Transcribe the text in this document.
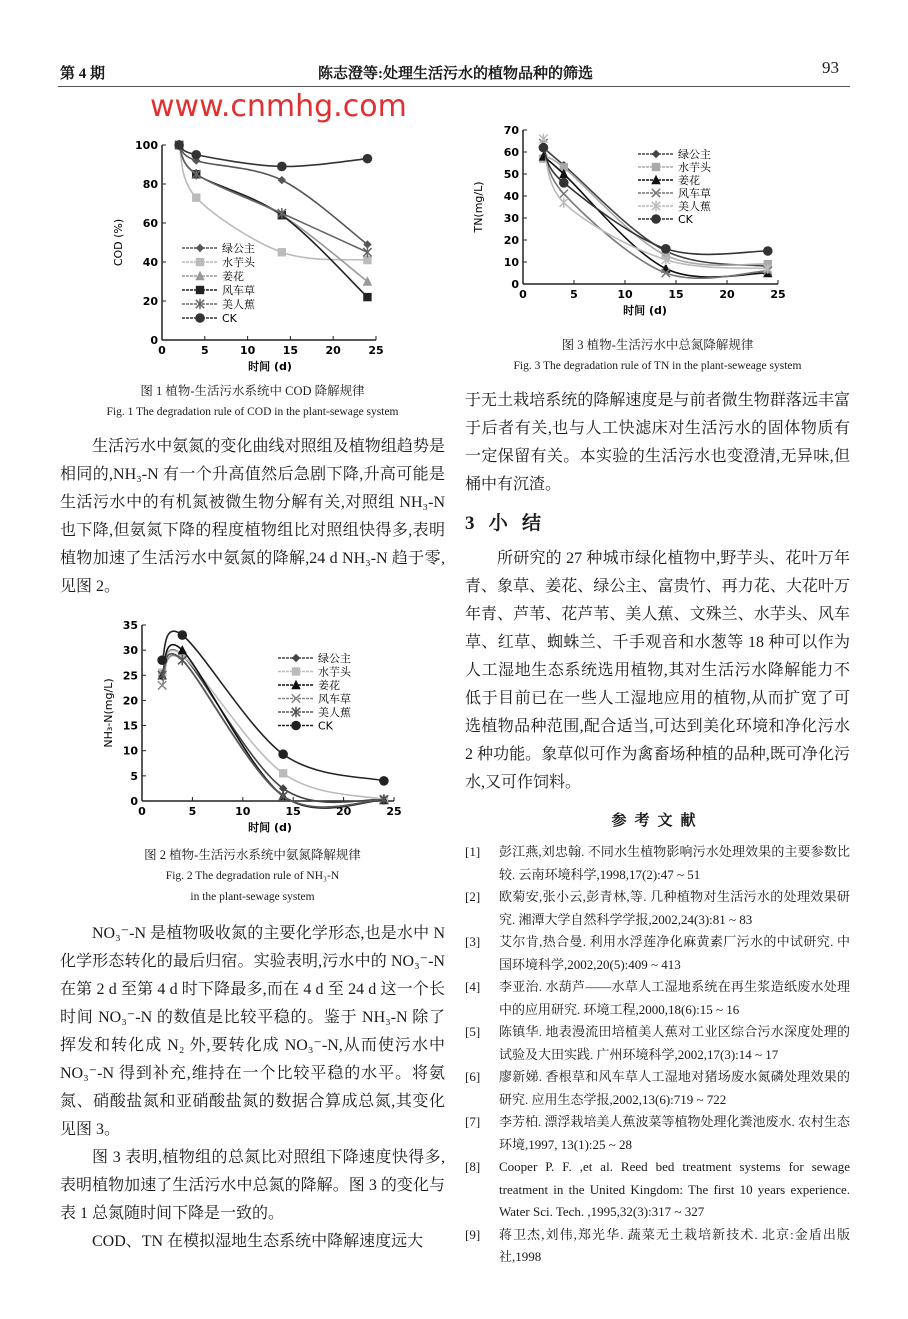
第 4 期	陈志澄等:处理生活污水的植物品种的筛选	93
www.cnmhg.com
0	5	10 15 20 25
0
20
40
60
80
100
时间 (d)
COD (%)	绿公主
水芋头
姜花
风车草
美人蕉
CK
图 1 植物-生活污水系统中 COD 降解规律
Fig. 1 The degradation rule of COD in the plant-sewage system

生活污水中氨氮的变化曲线对照组及植物组趋势是相同的,NH₃-N 有一个升高值然后急剧下降,升高可能是生活污水中的有机氮被微生物分解有关,对照组 NH₃-N 也下降,但氨氮下降的程度植物组比对照组快得多,表明植物加速了生活污水中氨氮的降解,24 d NH₃-N 趋于零,见图 2。

0	5	10	15	20	25
0
5
10
15
20
25
30
35
时间 (d)
NH₃-N(mg/L)
绿公主
水芋头
姜花
风车草
美人蕉
CK
图 2 植物-生活污水系统中氨氮降解规律
Fig. 2 The degradation rule of NH₃-N
in the plant-sewage system

NO₃⁻-N 是植物吸收氮的主要化学形态,也是水中 N 化学形态转化的最后归宿。实验表明,污水中的 NO₃⁻-N 在第 2 d 至第 4 d 时下降最多,而在 4 d 至 24 d 这一个长时间 NO₃⁻-N 的数值是比较平稳的。鉴于 NH₃-N 除了挥发和转化成 N₂ 外,要转化成 NO₃⁻-N,从而使污水中 NO₃⁻-N 得到补充,维持在一个比较平稳的水平。将氨氮、硝酸盐氮和亚硝酸盐氮的数据合算成总氮,其变化见图 3。

图 3 表明,植物组的总氮比对照组下降速度快得多,表明植物加速了生活污水中总氮的降解。图 3 的变化与表 1 总氮随时间下降是一致的。

COD、TN 在模拟湿地生态系统中降解速度远大

0	5	10	15	20	25
0
10
20
30
40
50
60
70
时间 (d)
TN(mg/L)
绿公主
水芋头
姜花
风车草
美人蕉
CK
图 3 植物-生活污水中总氮降解规律
Fig. 3 The degradation rule of TN in the plant-seweage system

于无土栽培系统的降解速度是与前者微生物群落远丰富于后者有关,也与人工快滤床对生活污水的固体物质有一定保留有关。本实验的生活污水也变澄清,无异味,但桶中有沉渣。

3   小   结

所研究的 27 种城市绿化植物中,野芋头、花叶万年青、象草、姜花、绿公主、富贵竹、再力花、大花叶万年青、芦苇、花芦苇、美人蕉、文殊兰、水芋头、风车草、红草、蜘蛛兰、千手观音和水葱等 18 种可以作为人工湿地生态系统选用植物,其对生活污水降解能力不低于目前已在一些人工湿地应用的植物,从而扩宽了可选植物品种范围,配合适当,可达到美化环境和净化污水 2 种功能。象草似可作为禽畜场种植的品种,既可净化污水,又可作饲料。

参考文献
[1] 彭江燕,刘忠翰. 不同水生植物影响污水处理效果的主要参数比较. 云南环境科学,1998,17(2):47 ~ 51
[2] 欧菊安,张小云,彭青林,等. 几种植物对生活污水的处理效果研究. 湘潭大学自然科学学报,2002,24(3):81 ~ 83
[3] 艾尔肯,热合曼. 利用水浮莲净化麻黄素厂污水的中试研究. 中国环境科学,2002,20(5):409 ~ 413
[4] 李亚治. 水葫芦——水草人工湿地系统在再生浆造纸废水处理中的应用研究. 环境工程,2000,18(6):15 ~ 16
[5] 陈镇华. 地表漫流田培植美人蕉对工业区综合污水深度处理的试验及大田实践. 广州环境科学,2002,17(3):14 ~ 17
[6] 廖新娣. 香根草和风车草人工湿地对猪场废水氮磷处理效果的研究. 应用生态学报,2002,13(6):719 ~ 722
[7] 李芳柏. 漂浮栽培美人蕉波菜等植物处理化粪池废水. 农村生态环境,1997, 13(1):25 ~ 28
[8] Cooper P. F. ,et al. Reed bed treatment systems for sewage treatment in the United Kingdom: The first 10 years experience. Water Sci. Tech. ,1995,32(3):317 ~ 327
[9] 蒋卫杰,刘伟,郑光华. 蔬菜无土栽培新技术. 北京:金盾出版社,1998
